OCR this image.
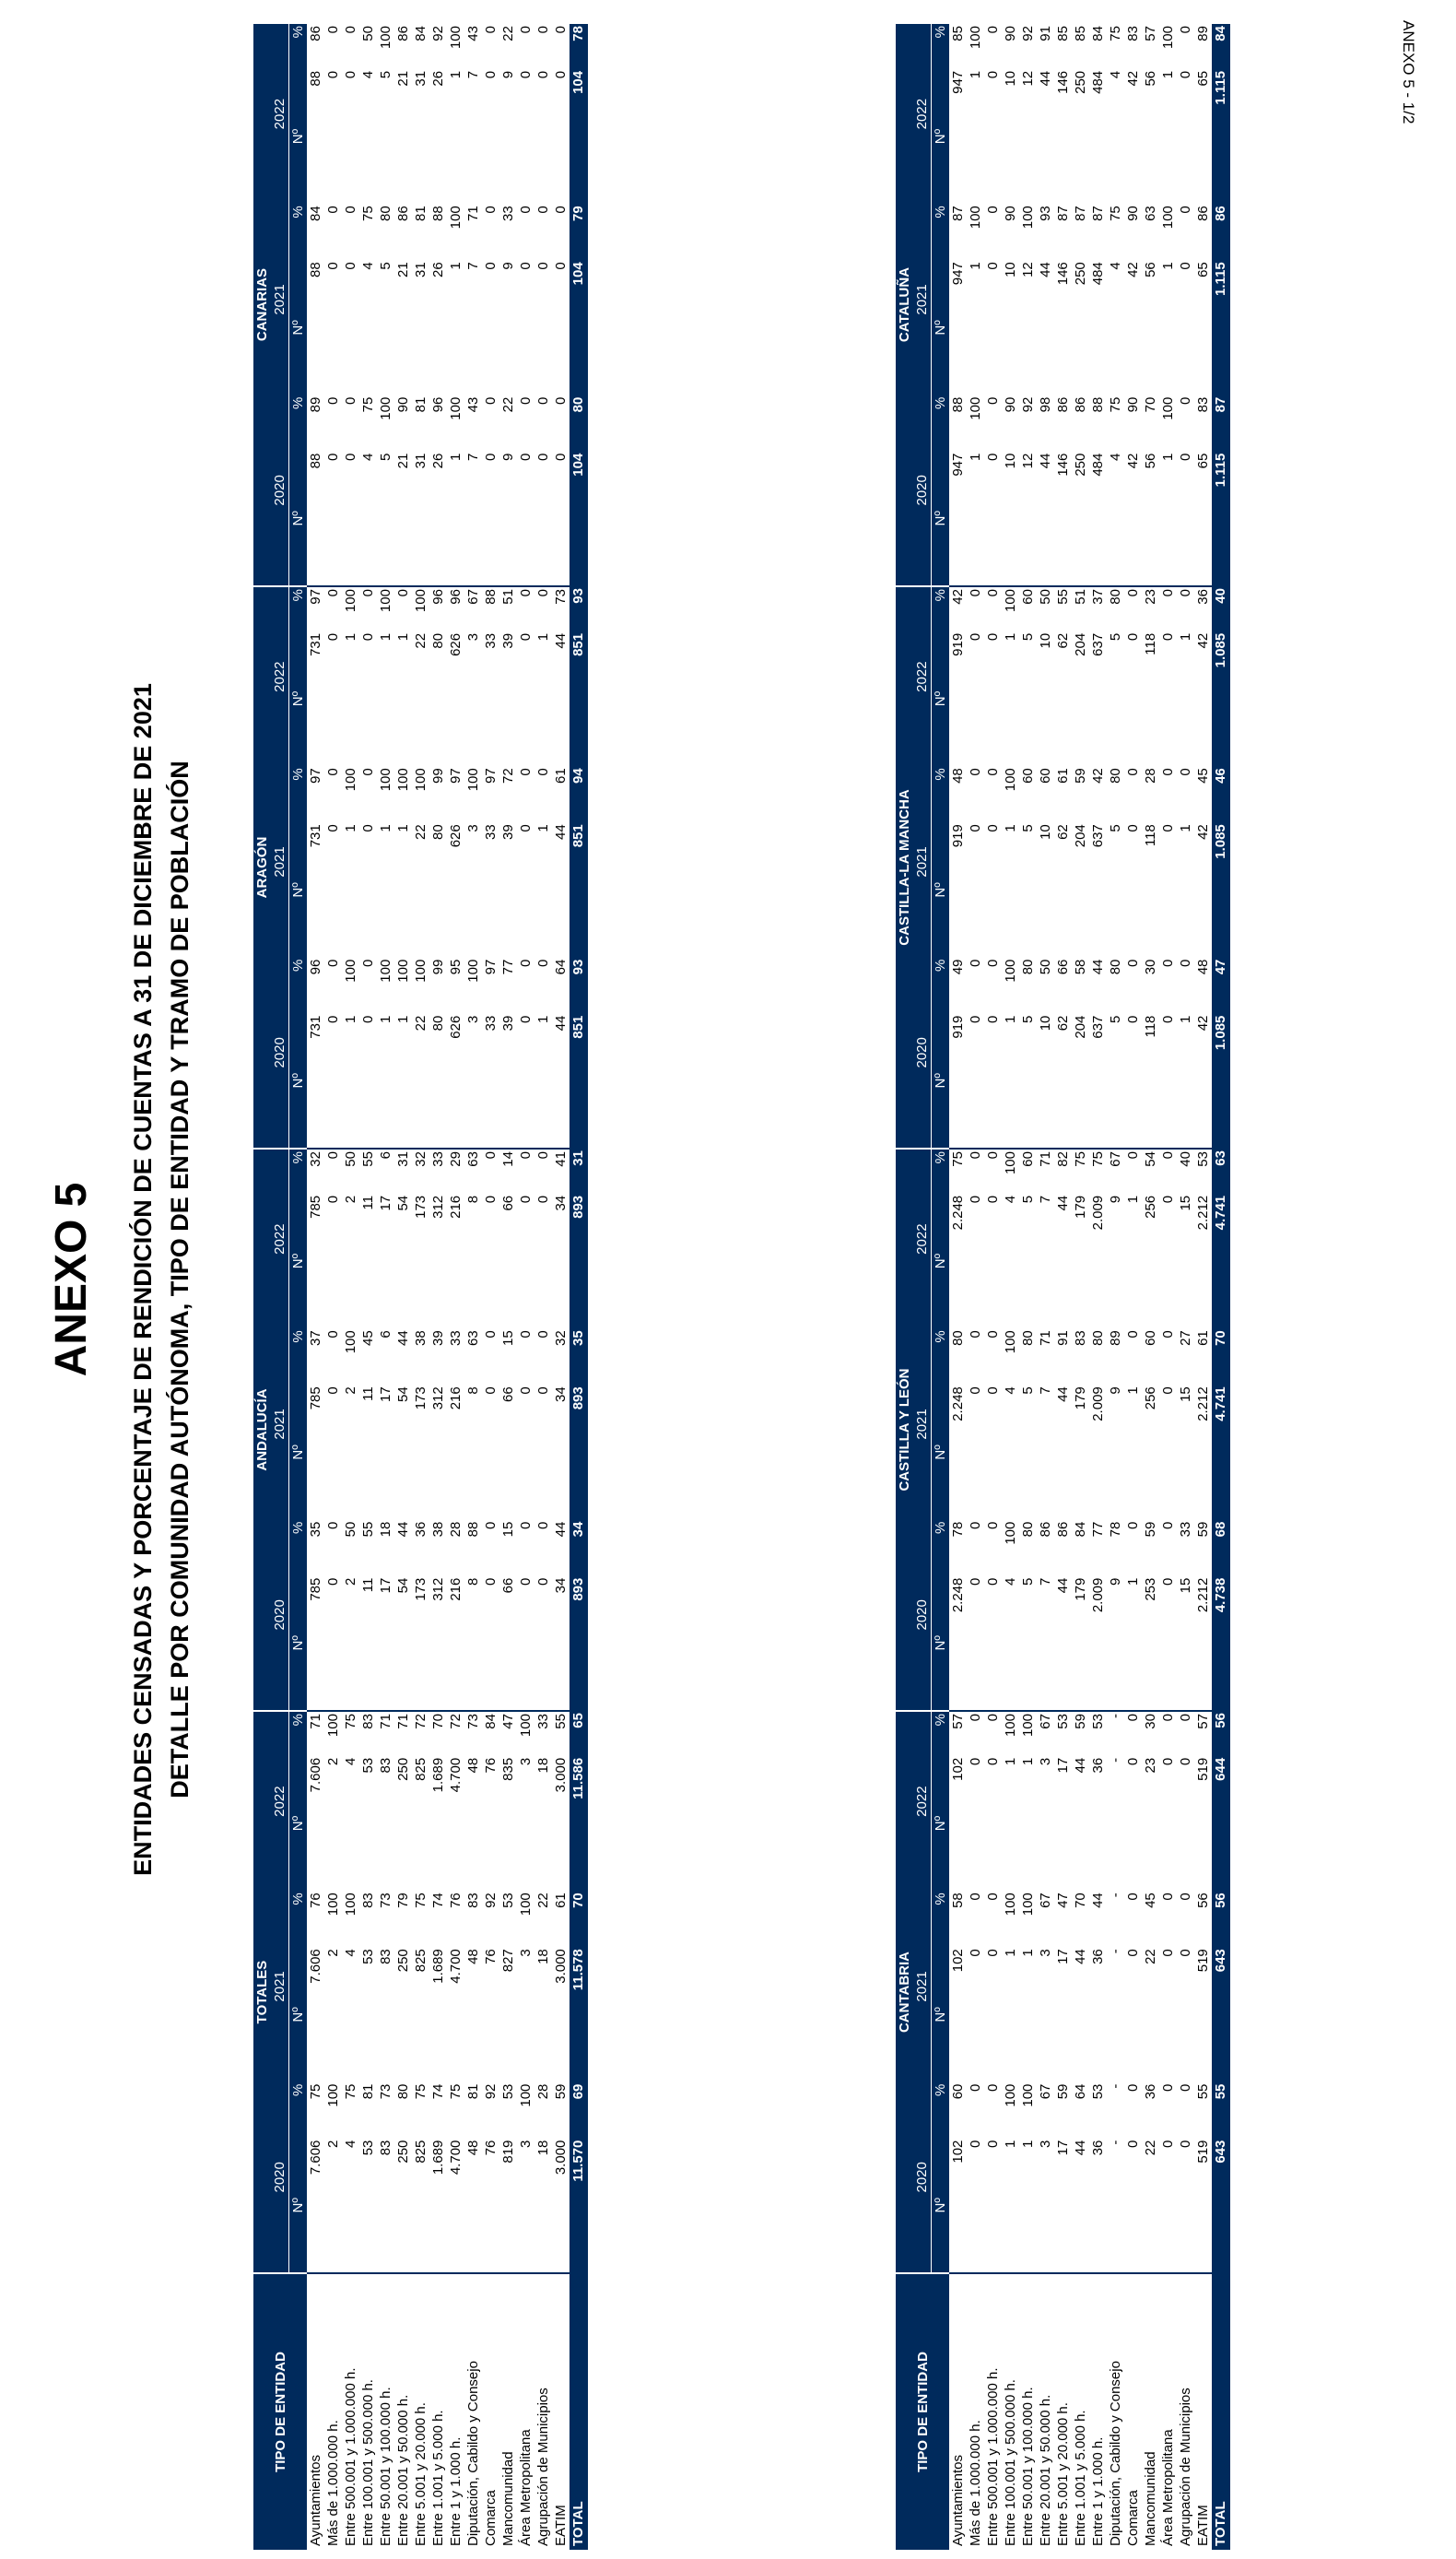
ANEXO 5 - 1/2
ANEXO 5 ENTIDADES CENSADAS Y PORCENTAJE DE RENDICIÓN DE CUENTAS A 31 DE DICIEMBRE DE 2021 DETALLE POR COMUNIDAD AUTÓNOMA, TIPO DE ENTIDAD Y TRAMO DE POBLACIÓN
TIPO DE ENTIDAD	TOTALES						ANDALUCÍA						ARAGÓN						CANARIAS					
	2020		2021		2022		2020		2021		2022		2020		2021		2022		2020		2021		2022	
	Nº	%	Nº	%	Nº	%	Nº	%	Nº	%	Nº	%	Nº	%	Nº	%	Nº	%	Nº	%	Nº	%	Nº	%
Ayuntamientos	7.606	75	7.606	76	7.606	71	785	35	785	37	785	32	731	96	731	97	731	97	88	89	88	84	88	86
Más de 1.000.000 h.	2	100	2	100	2	100	0	0	0	0	0	0	0	0	0	0	0	0	0	0	0	0	0	0
Entre 500.001 y 1.000.000 h.	4	75	4	100	4	75	2	50	2	100	2	50	1	100	1	100	1	100	0	0	0	0	0	0
Entre 100.001 y 500.000 h.	53	81	53	83	53	83	11	55	11	45	11	55	0	0	0	0	0	0	4	75	4	75	4	50
Entre 50.001 y 100.000 h.	83	73	83	73	83	71	17	18	17	6	17	6	1	100	1	100	1	100	5	100	5	80	5	100
Entre 20.001 y 50.000 h.	250	80	250	79	250	71	54	44	54	44	54	31	1	100	1	100	1	0	21	90	21	86	21	86
Entre 5.001 y 20.000 h.	825	75	825	75	825	72	173	36	173	38	173	32	22	100	22	100	22	100	31	81	31	81	31	84
Entre 1.001 y 5.000 h.	1.689	74	1.689	74	1.689	70	312	38	312	39	312	33	80	99	80	99	80	96	26	96	26	88	26	92
Entre 1 y 1.000 h.	4.700	75	4.700	76	4.700	72	216	28	216	33	216	29	626	95	626	97	626	96	1	100	1	100	1	100
Diputación, Cabildo y Consejo	48	81	48	83	48	73	8	88	8	63	8	63	3	100	3	100	3	67	7	43	7	71	7	43
Comarca	76	92	76	92	76	84	0	0	0	0	0	0	33	97	33	97	33	88	0	0	0	0	0	0
Mancomunidad	819	53	827	53	835	47	66	15	66	15	66	14	39	77	39	72	39	51	9	22	9	33	9	22
Área Metropolitana	3	100	3	100	3	100	0	0	0	0	0	0	0	0	0	0	0	0	0	0	0	0	0	0
Agrupación de Municipios	18	28	18	22	18	33	0	0	0	0	0	0	1	0	1	0	1	0	0	0	0	0	0	0
EATIM	3.000	59	3.000	61	3.000	55	34	44	34	32	34	41	44	64	44	61	44	73	0	0	0	0	0	0
TOTAL	11.570	69	11.578	70	11.586	65	893	34	893	35	893	31	851	93	851	94	851	93	104	80	104	79	104	78
TIPO DE ENTIDAD	CANTABRIA						CASTILLA Y LEÓN						CASTILLA-LA MANCHA						CATALUÑA					
	2020		2021		2022		2020		2021		2022		2020		2021		2022		2020		2021		2022	
	Nº	%	Nº	%	Nº	%	Nº	%	Nº	%	Nº	%	Nº	%	Nº	%	Nº	%	Nº	%	Nº	%	Nº	%
Ayuntamientos	102	60	102	58	102	57	2.248	78	2.248	80	2.248	75	919	49	919	48	919	42	947	88	947	87	947	85
Más de 1.000.000 h.	0	0	0	0	0	0	0	0	0	0	0	0	0	0	0	0	0	0	1	100	1	100	1	100
Entre 500.001 y 1.000.000 h.	0	0	0	0	0	0	0	0	0	0	0	0	0	0	0	0	0	0	0	0	0	0	0	0
Entre 100.001 y 500.000 h.	1	100	1	100	1	100	4	100	4	100	4	100	1	100	1	100	1	100	10	90	10	90	10	90
Entre 50.001 y 100.000 h.	1	100	1	100	1	100	5	80	5	80	5	60	5	80	5	60	5	60	12	92	12	100	12	92
Entre 20.001 y 50.000 h.	3	67	3	67	3	67	7	86	7	71	7	71	10	50	10	60	10	50	44	98	44	93	44	91
Entre 5.001 y 20.000 h.	17	59	17	47	17	53	44	86	44	91	44	82	62	66	62	61	62	55	146	86	146	87	146	85
Entre 1.001 y 5.000 h.	44	64	44	70	44	59	179	84	179	83	179	75	204	58	204	59	204	51	250	86	250	87	250	85
Entre 1 y 1.000 h.	36	53	36	44	36	53	2.009	77	2.009	80	2.009	75	637	44	637	42	637	37	484	88	484	87	484	84
Diputación, Cabildo y Consejo	-	-	-	-	-	-	9	78	9	89	9	67	5	80	5	80	5	80	4	75	4	75	4	75
Comarca	0	0	0	0	0	0	1	0	1	0	1	0	0	0	0	0	0	0	42	90	42	90	42	83
Mancomunidad	22	36	22	45	23	30	253	59	256	60	256	54	118	30	118	28	118	23	56	70	56	63	56	57
Área Metropolitana	0	0	0	0	0	0	0	0	0	0	0	0	0	0	0	0	0	0	1	100	1	100	1	100
Agrupación de Municipios	0	0	0	0	0	0	15	33	15	27	15	40	1	0	1	0	1	0	0	0	0	0	0	0
EATIM	519	55	519	56	519	57	2.212	59	2.212	61	2.212	53	42	48	42	45	42	36	65	83	65	86	65	89
TOTAL	643	55	643	56	644	56	4.738	68	4.741	70	4.741	63	1.085	47	1.085	46	1.085	40	1.115	87	1.115	86	1.115	84
